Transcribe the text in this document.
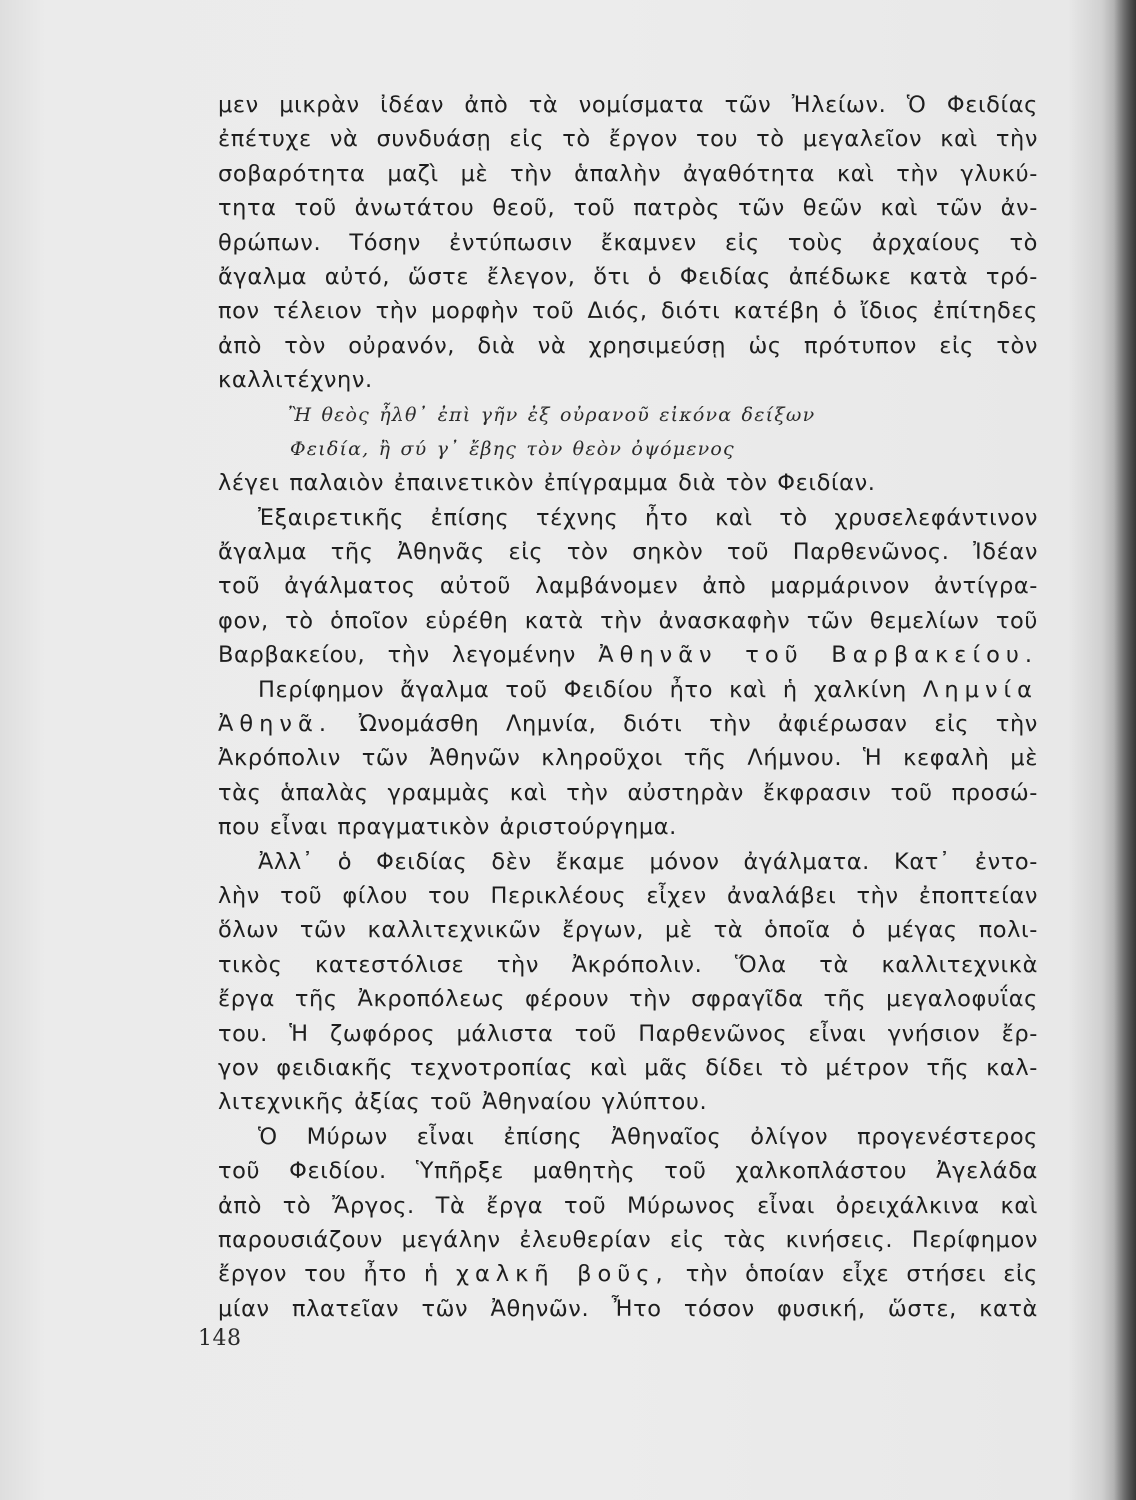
μεν μικρὰν ἰδέαν ἀπὸ τὰ νομίσματα τῶν Ἠλείων. Ὁ Φειδίας
ἐπέτυχε νὰ συνδυάσῃ εἰς τὸ ἔργον του τὸ μεγαλεῖον καὶ τὴν
σοβαρότητα μαζὶ μὲ τὴν ἁπαλὴν ἀγαθότητα καὶ τὴν γλυκύ-
τητα τοῦ ἀνωτάτου θεοῦ, τοῦ πατρὸς τῶν θεῶν καὶ τῶν ἀν-
θρώπων. Τόσην ἐντύπωσιν ἔκαμνεν εἰς τοὺς ἀρχαίους τὸ
ἄγαλμα αὐτό, ὥστε ἔλεγον, ὅτι ὁ Φειδίας ἀπέδωκε κατὰ τρό-
πον τέλειον τὴν μορφὴν τοῦ Διός, διότι κατέβη ὁ ἴδιος ἐπίτηδες
ἀπὸ τὸν οὐρανόν, διὰ νὰ χρησιμεύσῃ ὡς πρότυπον εἰς τὸν
καλλιτέχνην.
Ἢ θεὸς ἦλθ᾽ ἐπὶ γῆν ἐξ οὐρανοῦ εἰκόνα δείξων
Φειδία, ἢ σύ γ᾽ ἔβης τὸν θεὸν ὀψόμενος
λέγει παλαιὸν ἐπαινετικὸν ἐπίγραμμα διὰ τὸν Φειδίαν.
Ἐξαιρετικῆς ἐπίσης τέχνης ἦτο καὶ τὸ χρυσελεφάντινον
ἄγαλμα τῆς Ἀθηνᾶς εἰς τὸν σηκὸν τοῦ Παρθενῶνος. Ἰδέαν
τοῦ ἀγάλματος αὐτοῦ λαμβάνομεν ἀπὸ μαρμάρινον ἀντίγρα-
φον, τὸ ὁποῖον εὑρέθη κατὰ τὴν ἀνασκαφὴν τῶν θεμελίων τοῦ
Βαρβακείου, τὴν λεγομένην Ἀθηνᾶν τοῦ Βαρβακείου.
Περίφημον ἄγαλμα τοῦ Φειδίου ἦτο καὶ ἡ χαλκίνη Λημνία
Ἀθηνᾶ. Ὠνομάσθη Λημνία, διότι τὴν ἀφιέρωσαν εἰς τὴν
Ἀκρόπολιν τῶν Ἀθηνῶν κληροῦχοι τῆς Λήμνου. Ἡ κεφαλὴ μὲ
τὰς ἁπαλὰς γραμμὰς καὶ τὴν αὐστηρὰν ἔκφρασιν τοῦ προσώ-
που εἶναι πραγματικὸν ἀριστούργημα.
Ἀλλ᾽ ὁ Φειδίας δὲν ἔκαμε μόνον ἀγάλματα. Κατ᾽ ἐντο-
λὴν τοῦ φίλου του Περικλέους εἶχεν ἀναλάβει τὴν ἐποπτείαν
ὅλων τῶν καλλιτεχνικῶν ἔργων, μὲ τὰ ὁποῖα ὁ μέγας πολι-
τικὸς κατεστόλισε τὴν Ἀκρόπολιν. Ὅλα τὰ καλλιτεχνικὰ
ἔργα τῆς Ἀκροπόλεως φέρουν τὴν σφραγῖδα τῆς μεγαλοφυΐας
του. Ἡ ζωφόρος μάλιστα τοῦ Παρθενῶνος εἶναι γνήσιον ἔρ-
γον φειδιακῆς τεχνοτροπίας καὶ μᾶς δίδει τὸ μέτρον τῆς καλ-
λιτεχνικῆς ἀξίας τοῦ Ἀθηναίου γλύπτου.
Ὁ Μύρων εἶναι ἐπίσης Ἀθηναῖος ὀλίγον προγενέστερος
τοῦ Φειδίου. Ὑπῆρξε μαθητὴς τοῦ χαλκοπλάστου Ἀγελάδα
ἀπὸ τὸ Ἄργος. Τὰ ἔργα τοῦ Μύρωνος εἶναι ὀρειχάλκινα καὶ
παρουσιάζουν μεγάλην ἐλευθερίαν εἰς τὰς κινήσεις. Περίφημον
ἔργον του ἦτο ἡ χαλκῆ βοῦς, τὴν ὁποίαν εἶχε στήσει εἰς
μίαν πλατεῖαν τῶν Ἀθηνῶν. Ἦτο τόσον φυσική, ὥστε, κατὰ
148
